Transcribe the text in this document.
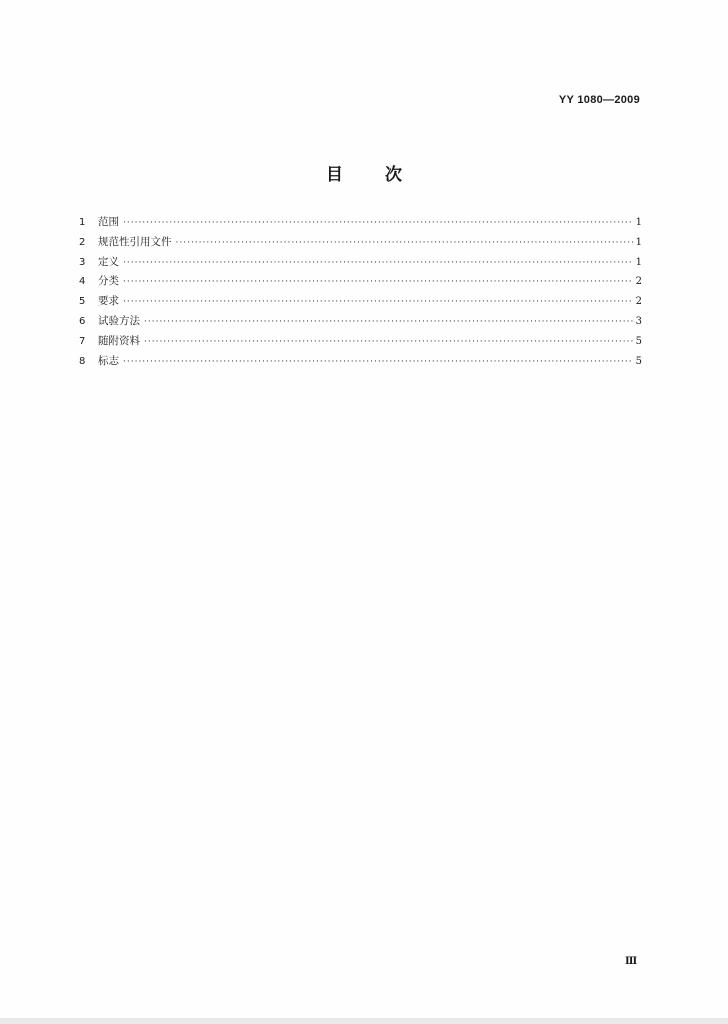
YY 1080—2009
目次
1	范围 ·····	1
2	规范性引用文件 ·····	1
3	定义 ·····	1
4	分类 ·····	2
5	要求 ·····	2
6	试验方法 ·····	3
7	随附资料 ·····	5
8	标志 ·····	5
Ⅲ
